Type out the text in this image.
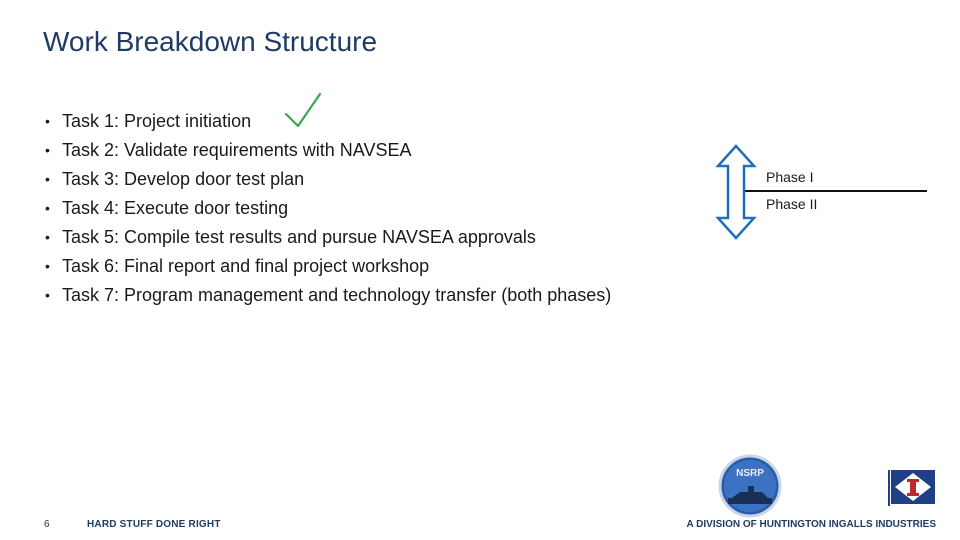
Work Breakdown Structure
• Task 1: Project initiation
• Task 2: Validate requirements with NAVSEA
• Task 3: Develop door test plan
• Task 4: Execute door testing
• Task 5: Compile test results and pursue NAVSEA approvals
• Task 6: Final report and final project workshop
• Task 7: Program management and technology transfer (both phases)
Phase I
Phase II
6	HARD STUFF DONE RIGHT
NSRP
A DIVISION OF HUNTINGTON INGALLS INDUSTRIES
